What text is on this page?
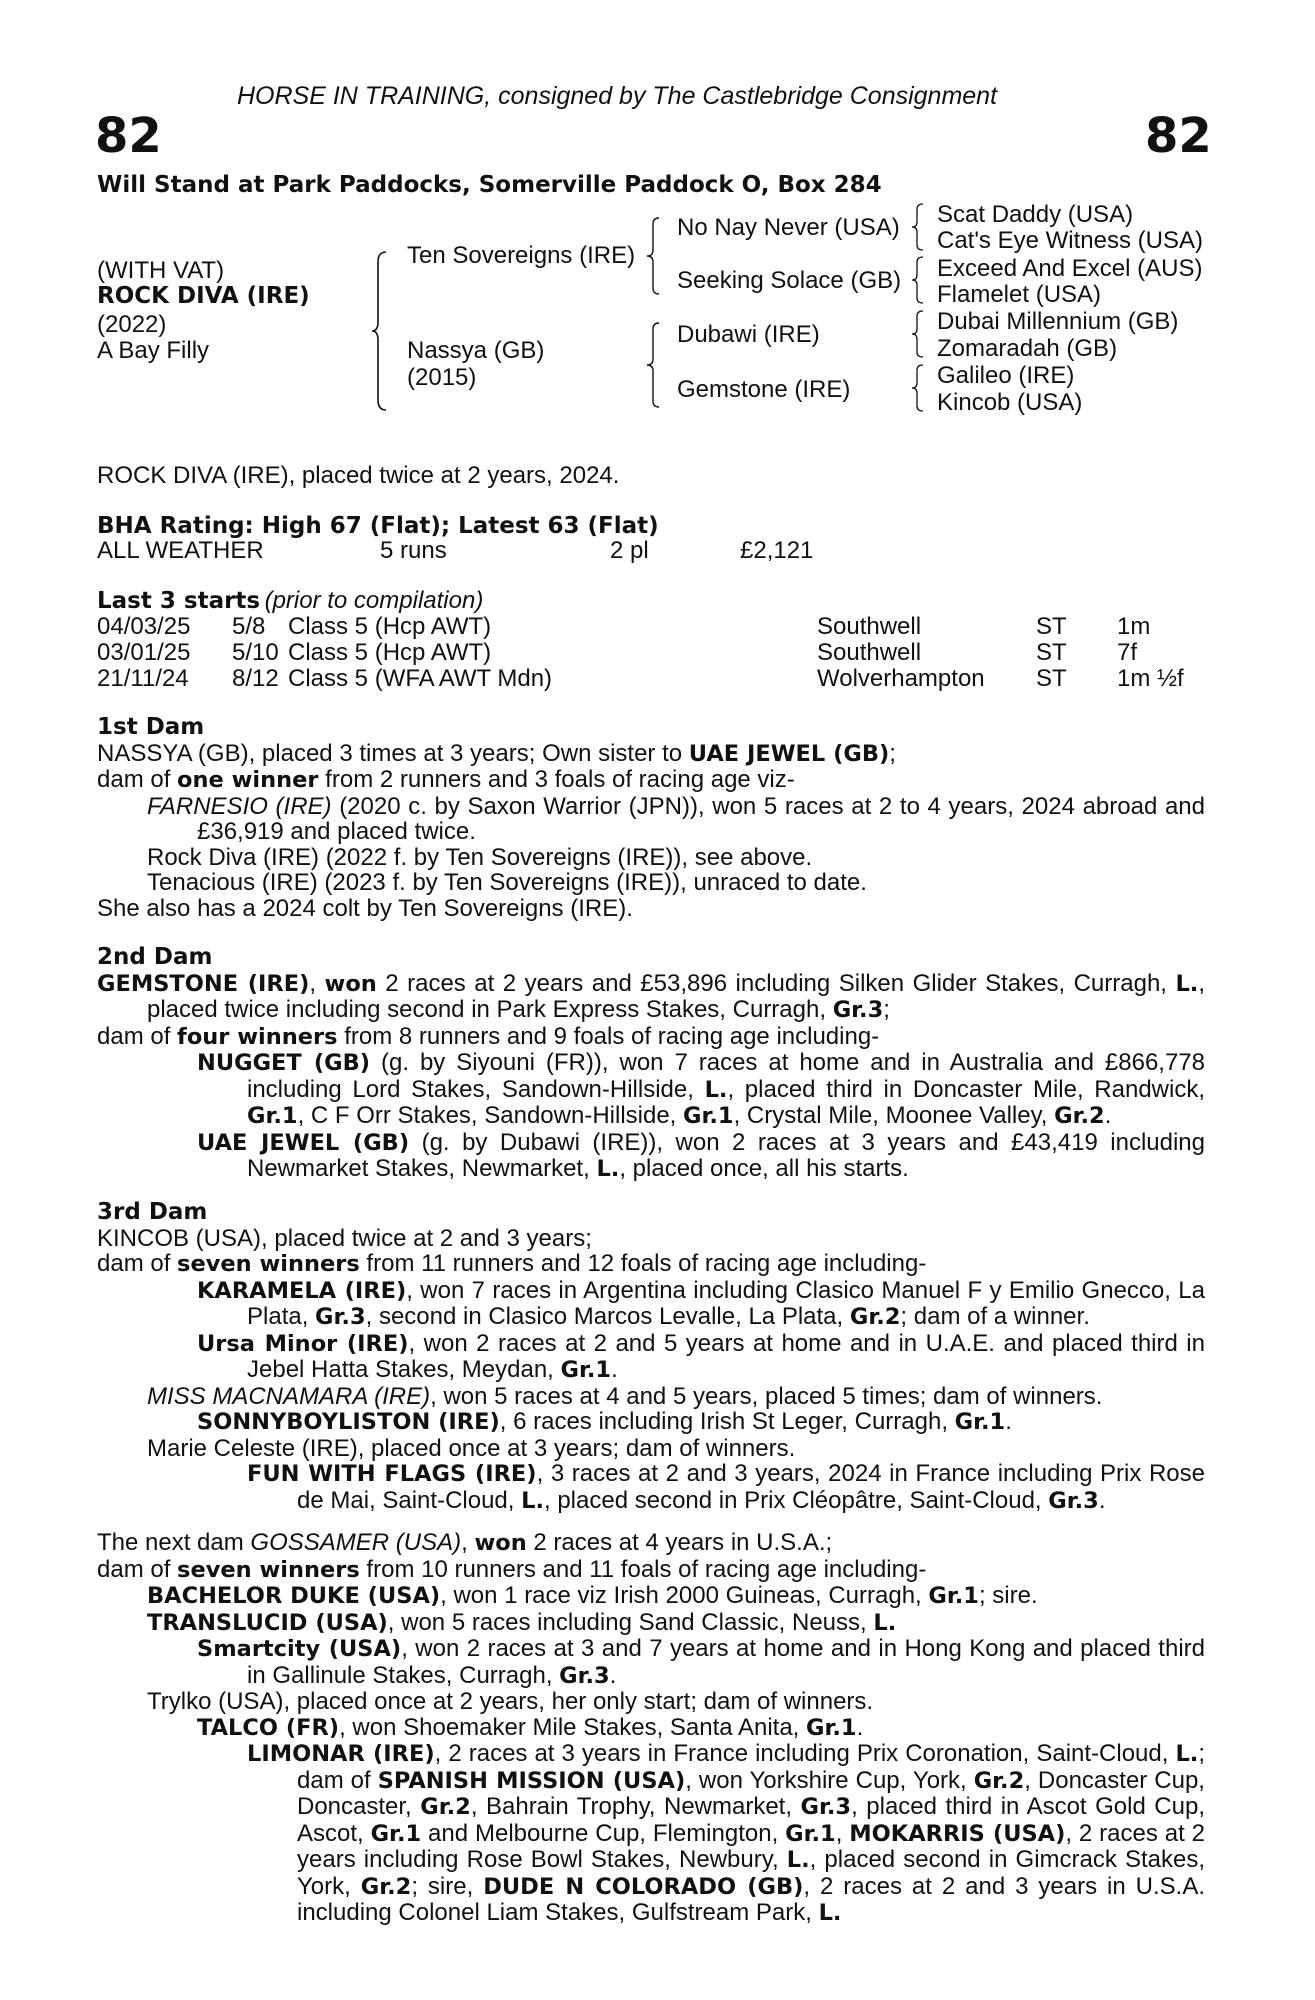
HORSE IN TRAINING, consigned by The Castlebridge Consignment
82	82
Will Stand at Park Paddocks, Somerville Paddock O, Box 284
(WITH VAT)
ROCK DIVA (IRE)
(2022)
A Bay Filly
Ten Sovereigns (IRE)
Nassya (GB)
(2015)
No Nay Never (USA)
Seeking Solace (GB)
Dubawi (IRE)
Gemstone (IRE)
Scat Daddy (USA)
Cat's Eye Witness (USA)
Exceed And Excel (AUS)
Flamelet (USA)
Dubai Millennium (GB)
Zomaradah (GB)
Galileo (IRE)
Kincob (USA)
ROCK DIVA (IRE), placed twice at 2 years, 2024.
BHA Rating: High 67 (Flat); Latest 63 (Flat)
ALL WEATHER	5 runs	2 pl	£2,121
Last 3 starts (prior to compilation)
04/03/25 5/8 Class 5 (Hcp AWT)	Southwell	ST 1m
03/01/25 5/10 Class 5 (Hcp AWT)	Southwell	ST 7f
21/11/24 8/12 Class 5 (WFA AWT Mdn)	Wolverhampton ST 1m ½f

1st Dam

NASSYA (GB), placed 3 times at 3 years; Own sister to UAE JEWEL (GB);

dam of one winner from 2 runners and 3 foals of racing age viz-

FARNESIO (IRE) (2020 c. by Saxon Warrior (JPN)), won 5 races at 2 to 4 years, 2024 abroad and £36,919 and placed twice.

Rock Diva (IRE) (2022 f. by Ten Sovereigns (IRE)), see above.

Tenacious (IRE) (2023 f. by Ten Sovereigns (IRE)), unraced to date.

She also has a 2024 colt by Ten Sovereigns (IRE).

2nd Dam

GEMSTONE (IRE), won 2 races at 2 years and £53,896 including Silken Glider Stakes, Curragh, L., placed twice including second in Park Express Stakes, Curragh, Gr.3;

dam of four winners from 8 runners and 9 foals of racing age including-

NUGGET (GB) (g. by Siyouni (FR)), won 7 races at home and in Australia and £866,778 including Lord Stakes, Sandown-Hillside, L., placed third in Doncaster Mile, Randwick, Gr.1, C F Orr Stakes, Sandown-Hillside, Gr.1, Crystal Mile, Moonee Valley, Gr.2.

UAE JEWEL (GB) (g. by Dubawi (IRE)), won 2 races at 3 years and £43,419 including Newmarket Stakes, Newmarket, L., placed once, all his starts.

3rd Dam

KINCOB (USA), placed twice at 2 and 3 years;

dam of seven winners from 11 runners and 12 foals of racing age including-

KARAMELA (IRE), won 7 races in Argentina including Clasico Manuel F y Emilio Gnecco, La Plata, Gr.3, second in Clasico Marcos Levalle, La Plata, Gr.2; dam of a winner.

Ursa Minor (IRE), won 2 races at 2 and 5 years at home and in U.A.E. and placed third in Jebel Hatta Stakes, Meydan, Gr.1.

MISS MACNAMARA (IRE), won 5 races at 4 and 5 years, placed 5 times; dam of winners.

SONNYBOYLISTON (IRE), 6 races including Irish St Leger, Curragh, Gr.1.

Marie Celeste (IRE), placed once at 3 years; dam of winners.

FUN WITH FLAGS (IRE), 3 races at 2 and 3 years, 2024 in France including Prix Rose de Mai, Saint-Cloud, L., placed second in Prix Cléopâtre, Saint-Cloud, Gr.3.

The next dam GOSSAMER (USA), won 2 races at 4 years in U.S.A.;

dam of seven winners from 10 runners and 11 foals of racing age including-

BACHELOR DUKE (USA), won 1 race viz Irish 2000 Guineas, Curragh, Gr.1; sire.

TRANSLUCID (USA), won 5 races including Sand Classic, Neuss, L.

Smartcity (USA), won 2 races at 3 and 7 years at home and in Hong Kong and placed third in Gallinule Stakes, Curragh, Gr.3.

Trylko (USA), placed once at 2 years, her only start; dam of winners.

TALCO (FR), won Shoemaker Mile Stakes, Santa Anita, Gr.1.

LIMONAR (IRE), 2 races at 3 years in France including Prix Coronation, Saint-Cloud, L.; dam of SPANISH MISSION (USA), won Yorkshire Cup, York, Gr.2, Doncaster Cup, Doncaster, Gr.2, Bahrain Trophy, Newmarket, Gr.3, placed third in Ascot Gold Cup, Ascot, Gr.1 and Melbourne Cup, Flemington, Gr.1, MOKARRIS (USA), 2 races at 2 years including Rose Bowl Stakes, Newbury, L., placed second in Gimcrack Stakes, York, Gr.2; sire, DUDE N COLORADO (GB), 2 races at 2 and 3 years in U.S.A. including Colonel Liam Stakes, Gulfstream Park, L.
